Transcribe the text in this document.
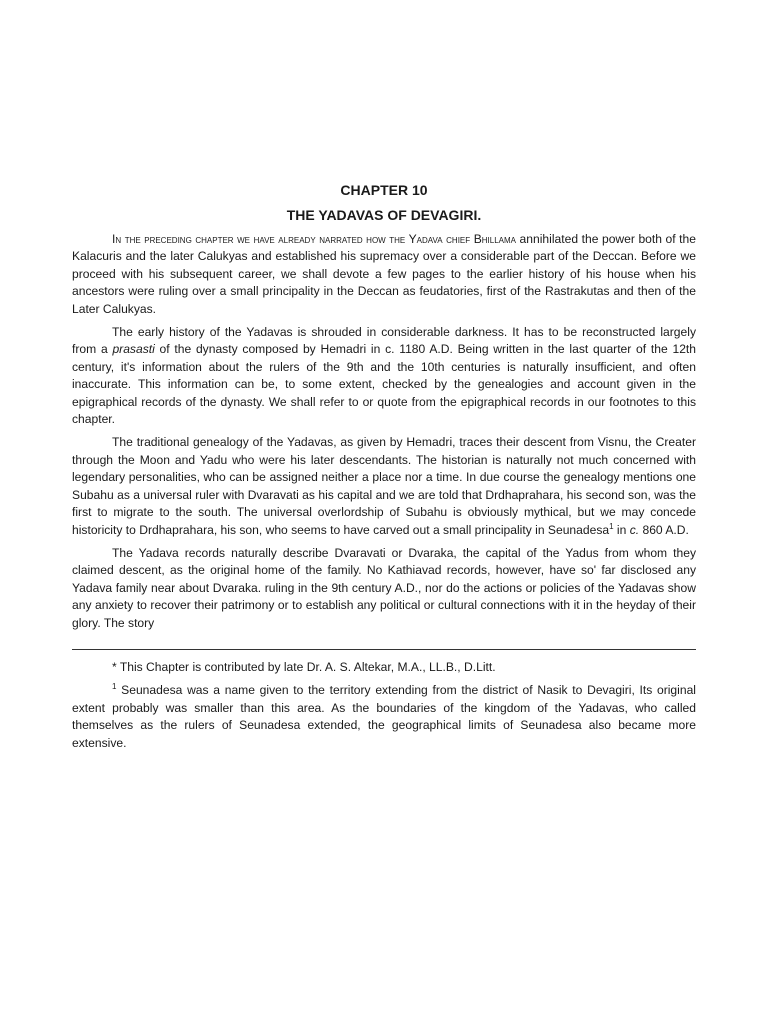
CHAPTER 10
THE YADAVAS OF DEVAGIRI.

In the preceding chapter we have already narrated how the Yadava chief Bhillama annihilated the power both of the Kalacuris and the later Calukyas and established his supremacy over a considerable part of the Deccan. Before we proceed with his subsequent career, we shall devote a few pages to the earlier history of his house when his ancestors were ruling over a small principality in the Deccan as feudatories, first of the Rastrakutas and then of the Later Calukyas.

The early history of the Yadavas is shrouded in considerable darkness. It has to be reconstructed largely from a prasasti of the dynasty composed by Hemadri in c. 1180 A.D. Being written in the last quarter of the 12th century, it's information about the rulers of the 9th and the 10th centuries is naturally insufficient, and often inaccurate. This information can be, to some extent, checked by the genealogies and account given in the epigraphical records of the dynasty. We shall refer to or quote from the epigraphical records in our footnotes to this chapter.

The traditional genealogy of the Yadavas, as given by Hemadri, traces their descent from Visnu, the Creater through the Moon and Yadu who were his later descendants. The historian is naturally not much concerned with legendary personalities, who can be assigned neither a place nor a time. In due course the genealogy mentions one Subahu as a universal ruler with Dvaravati as his capital and we are told that Drdhaprahara, his second son, was the first to migrate to the south. The universal overlordship of Subahu is obviously mythical, but we may concede historicity to Drdhaprahara, his son, who seems to have carved out a small principality in Seunadesa$^1$ in c. 860 A.D.

The Yadava records naturally describe Dvaravati or Dvaraka, the capital of the Yadus from whom they claimed descent, as the original home of the family. No Kathiavad records, however, have so' far disclosed any Yadava family near about Dvaraka. ruling in the 9th century A.D., nor do the actions or policies of the Yadavas show any anxiety to recover their patrimony or to establish any political or cultural connections with it in the heyday of their glory. The story

* This Chapter is contributed by late Dr. A. S. Altekar, M.A., LL.B., D.Litt.

$^1$ Seunadesa was a name given to the territory extending from the district of Nasik to Devagiri, Its original extent probably was smaller than this area. As the boundaries of the kingdom of the Yadavas, who called themselves as the rulers of Seunadesa extended, the geographical limits of Seunadesa also became more extensive.
